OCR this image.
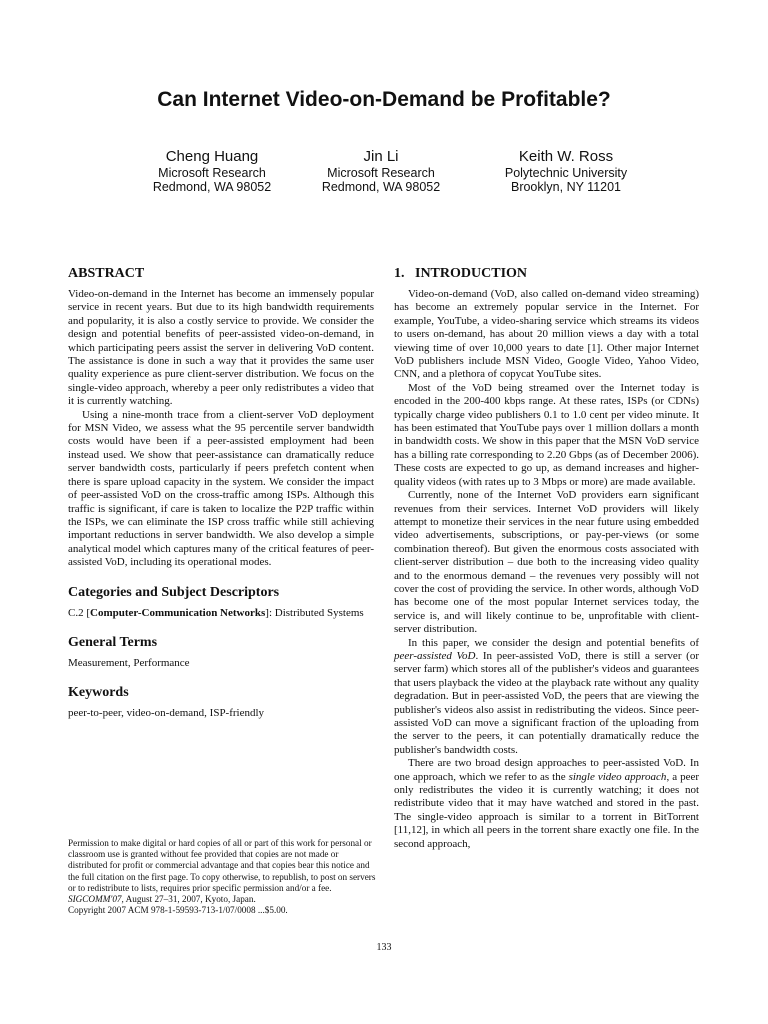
Can Internet Video-on-Demand be Profitable?
Cheng Huang
Microsoft Research
Redmond, WA 98052
Jin Li
Microsoft Research
Redmond, WA 98052
Keith W. Ross
Polytechnic University
Brooklyn, NY 11201
ABSTRACT

Video-on-demand in the Internet has become an immensely popular service in recent years. But due to its high bandwidth requirements and popularity, it is also a costly service to provide. We consider the design and potential benefits of peer-assisted video-on-demand, in which participating peers assist the server in delivering VoD content. The assistance is done in such a way that it provides the same user quality experience as pure client-server distribution. We focus on the single-video approach, whereby a peer only redistributes a video that it is currently watching.

Using a nine-month trace from a client-server VoD deployment for MSN Video, we assess what the 95 percentile server bandwidth costs would have been if a peer-assisted employment had been instead used. We show that peer-assistance can dramatically reduce server bandwidth costs, particularly if peers prefetch content when there is spare upload capacity in the system. We consider the impact of peer-assisted VoD on the cross-traffic among ISPs. Although this traffic is significant, if care is taken to localize the P2P traffic within the ISPs, we can eliminate the ISP cross traffic while still achieving important reductions in server bandwidth. We also develop a simple analytical model which captures many of the critical features of peer-assisted VoD, including its operational modes.

Categories and Subject Descriptors

C.2 [Computer-Communication Networks]: Distributed Systems

General Terms

Measurement, Performance

Keywords

peer-to-peer, video-on-demand, ISP-friendly

Permission to make digital or hard copies of all or part of this work for personal or classroom use is granted without fee provided that copies are not made or distributed for profit or commercial advantage and that copies bear this notice and the full citation on the first page. To copy otherwise, to republish, to post on servers or to redistribute to lists, requires prior specific permission and/or a fee.
SIGCOMM'07, August 27–31, 2007, Kyoto, Japan.
Copyright 2007 ACM 978-1-59593-713-1/07/0008 ...$5.00.
1.   INTRODUCTION

Video-on-demand (VoD, also called on-demand video streaming) has become an extremely popular service in the Internet. For example, YouTube, a video-sharing service which streams its videos to users on-demand, has about 20 million views a day with a total viewing time of over 10,000 years to date [1]. Other major Internet VoD publishers include MSN Video, Google Video, Yahoo Video, CNN, and a plethora of copycat YouTube sites.

Most of the VoD being streamed over the Internet today is encoded in the 200-400 kbps range. At these rates, ISPs (or CDNs) typically charge video publishers 0.1 to 1.0 cent per video minute. It has been estimated that YouTube pays over 1 million dollars a month in bandwidth costs. We show in this paper that the MSN VoD service has a billing rate corresponding to 2.20 Gbps (as of December 2006). These costs are expected to go up, as demand increases and higher-quality videos (with rates up to 3 Mbps or more) are made available.

Currently, none of the Internet VoD providers earn significant revenues from their services. Internet VoD providers will likely attempt to monetize their services in the near future using embedded video advertisements, subscriptions, or pay-per-views (or some combination thereof). But given the enormous costs associated with client-server distribution – due both to the increasing video quality and to the enormous demand – the revenues very possibly will not cover the cost of providing the service. In other words, although VoD has become one of the most popular Internet services today, the service is, and will likely continue to be, unprofitable with client-server distribution.

In this paper, we consider the design and potential benefits of peer-assisted VoD. In peer-assisted VoD, there is still a server (or server farm) which stores all of the publisher's videos and guarantees that users playback the video at the playback rate without any quality degradation. But in peer-assisted VoD, the peers that are viewing the publisher's videos also assist in redistributing the videos. Since peer-assisted VoD can move a significant fraction of the uploading from the server to the peers, it can potentially dramatically reduce the publisher's bandwidth costs.

There are two broad design approaches to peer-assisted VoD. In one approach, which we refer to as the single video approach, a peer only redistributes the video it is currently watching; it does not redistribute video that it may have watched and stored in the past. The single-video approach is similar to a torrent in BitTorrent [11,12], in which all peers in the torrent share exactly one file. In the second approach,

133
